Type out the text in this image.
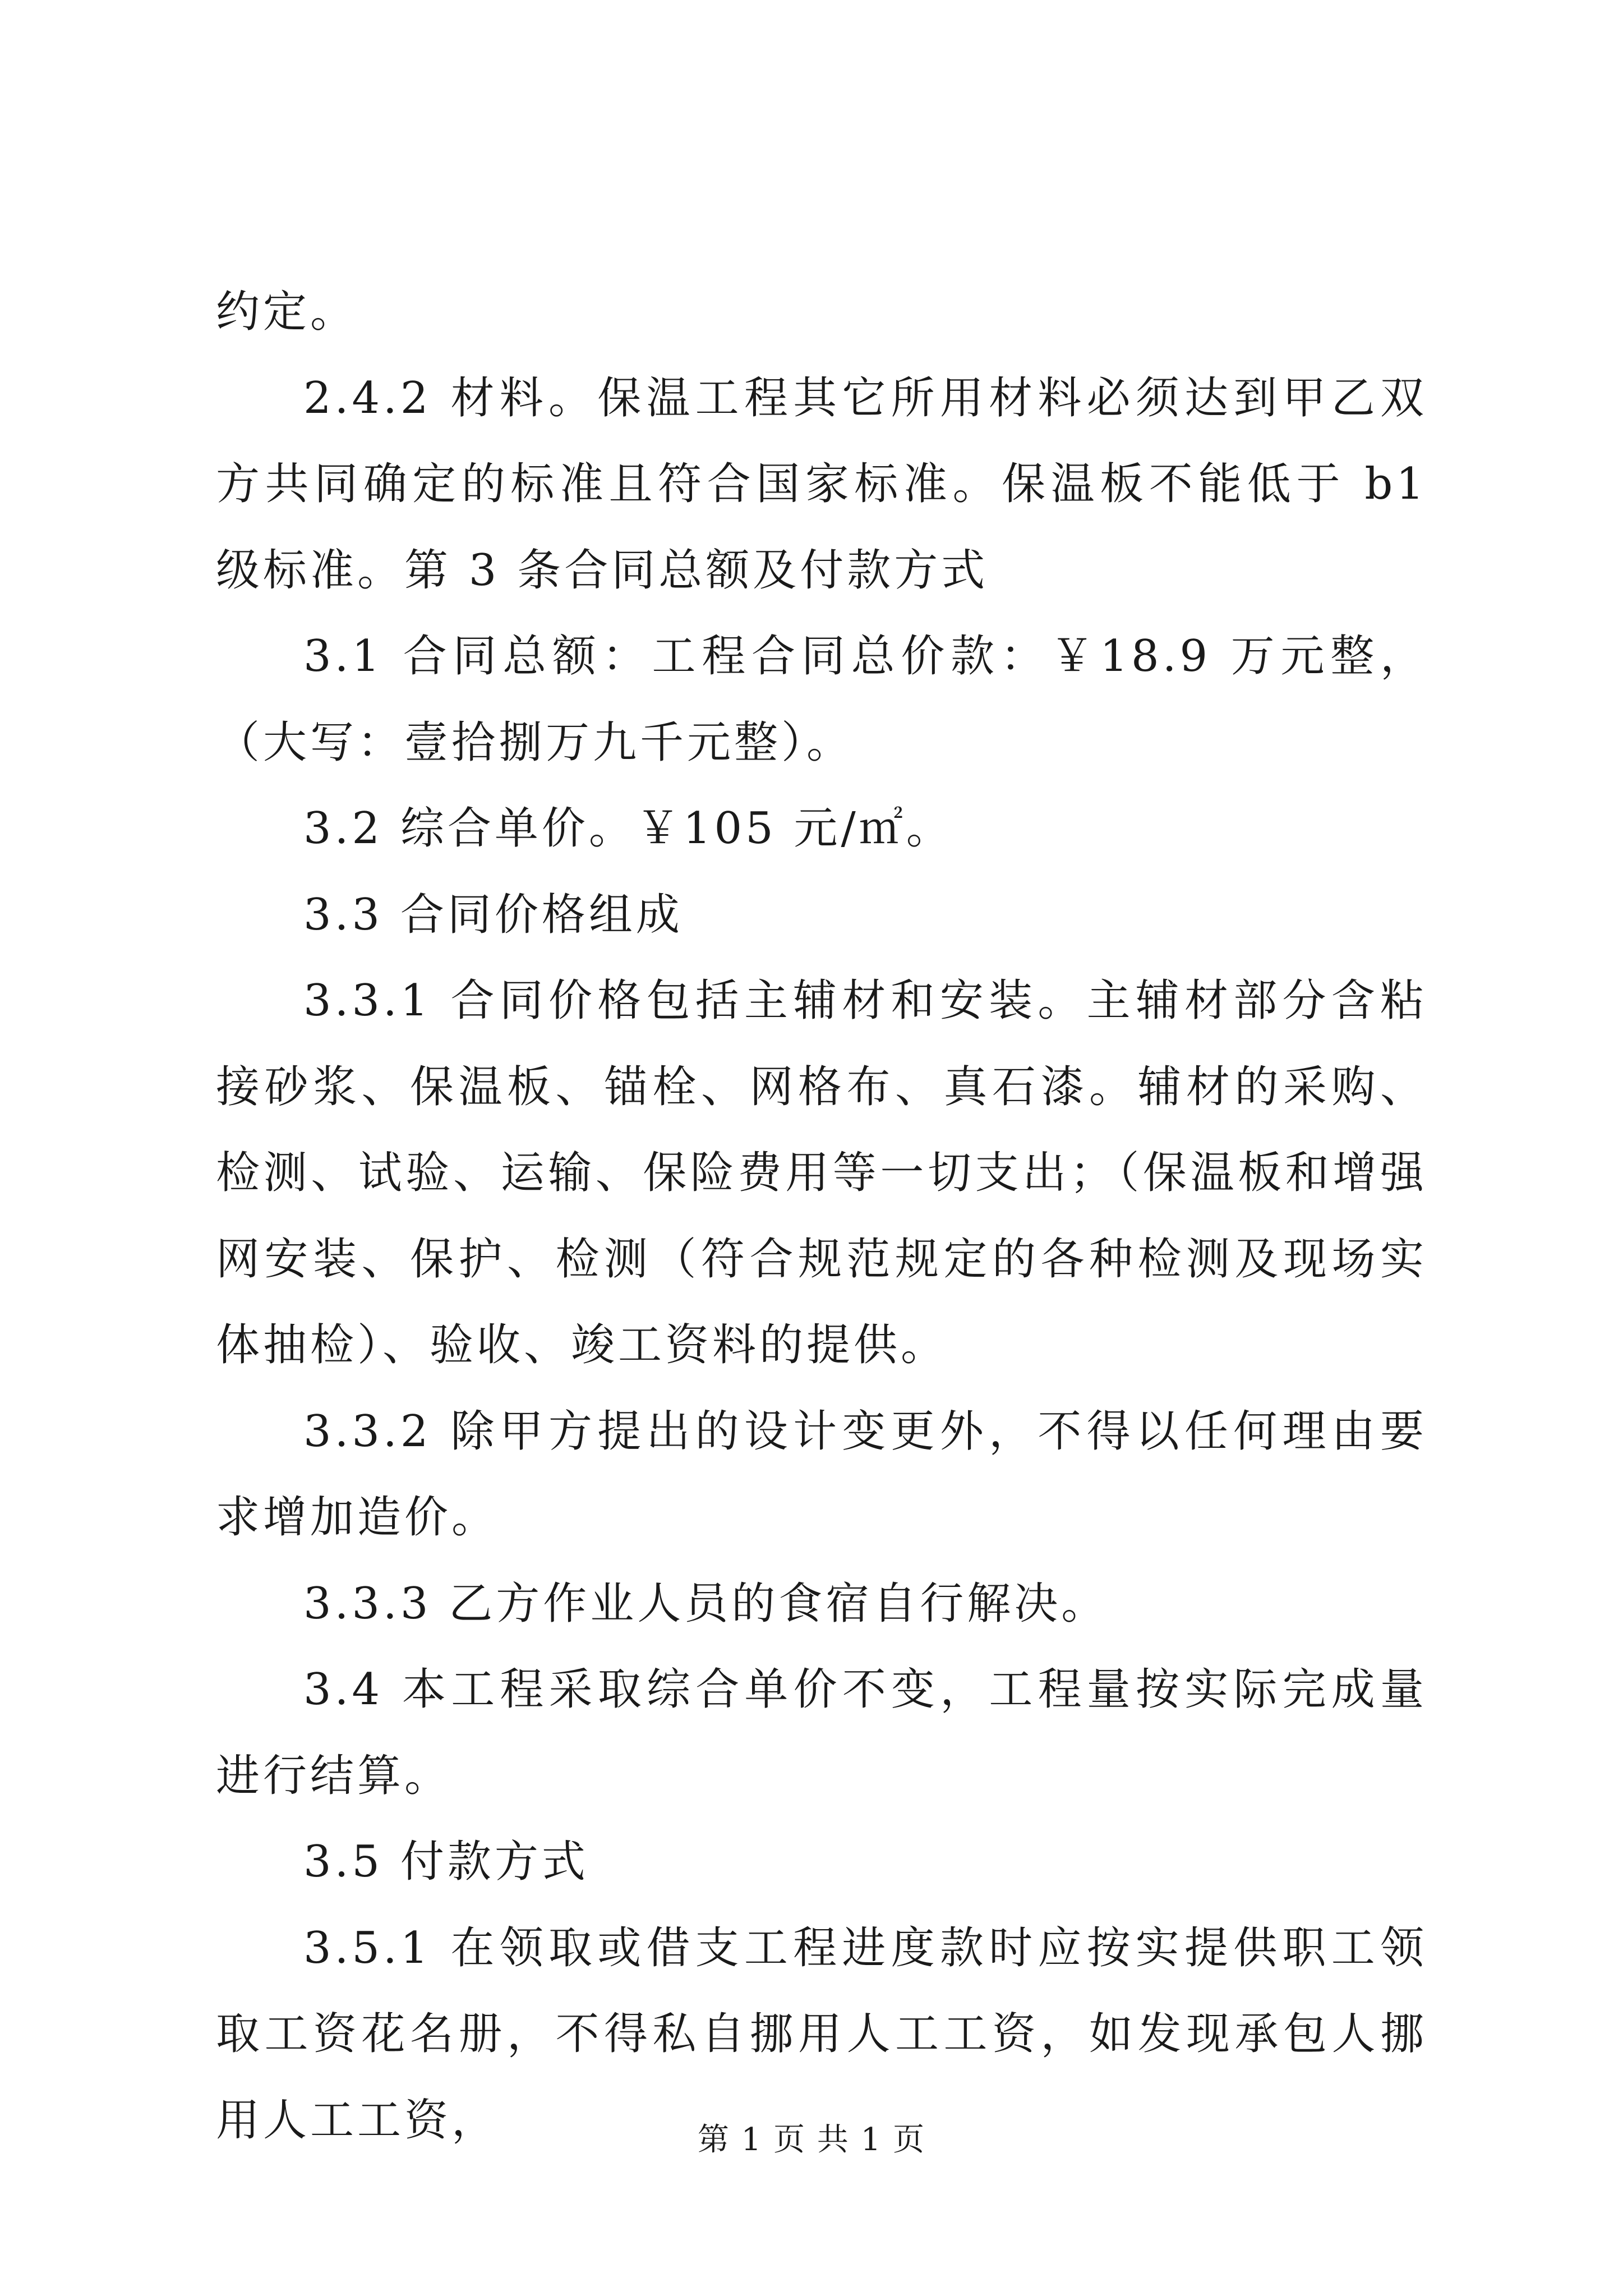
约定。

2.4.2 材料。保温工程其它所用材料必须达到甲乙双方共同确定的标准且符合国家标准。保温板不能低于 b1 级标准。第 3 条合同总额及付款方式

3.1 合同总额：工程合同总价款：￥18.9 万元整，（大写：壹拾捌万九千元整）。

3.2 综合单价。￥105 元/㎡。

3.3 合同价格组成

3.3.1 合同价格包括主辅材和安装。主辅材部分含粘接砂浆、保温板、锚栓、网格布、真石漆。辅材的采购、检测、试验、运输、保险费用等一切支出；（保温板和增强网安装、保护、检测（符合规范规定的各种检测及现场实体抽检）、验收、竣工资料的提供。

3.3.2 除甲方提出的设计变更外，不得以任何理由要求增加造价。

3.3.3 乙方作业人员的食宿自行解决。

3.4 本工程采取综合单价不变，工程量按实际完成量进行结算。

3.5 付款方式

3.5.1 在领取或借支工程进度款时应按实提供职工领取工资花名册，不得私自挪用人工工资，如发现承包人挪用人工工资，	第 1 页 共 1 页
